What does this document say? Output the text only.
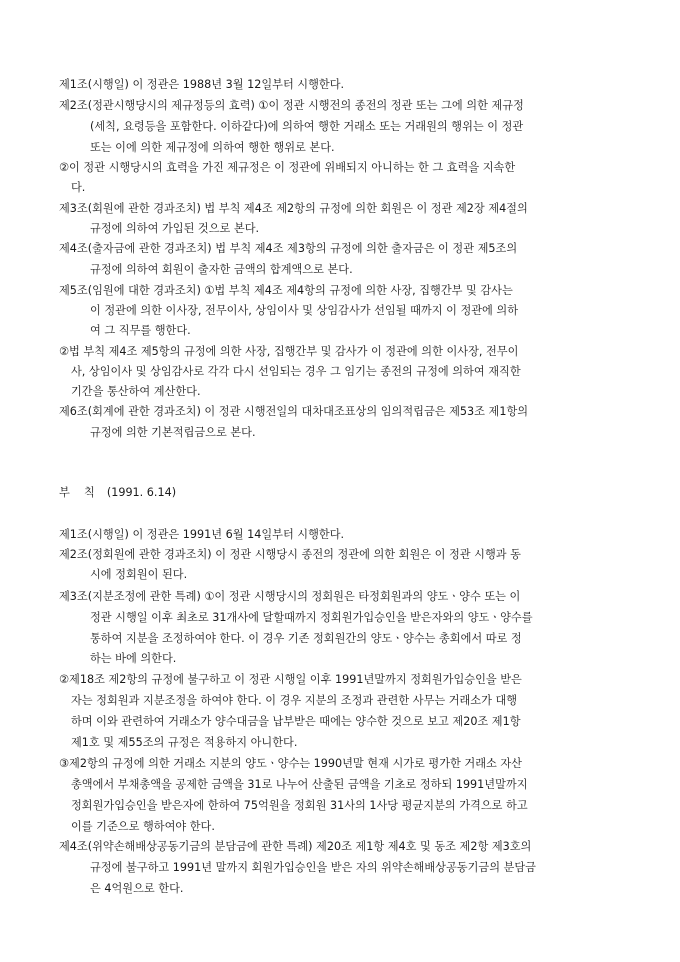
제1조(시행일) 이 정관은 1988년 3월 12일부터 시행한다.
제2조(정관시행당시의 제규정등의 효력) ①이 정관 시행전의 종전의 정관 또는 그에 의한 제규정
(세칙, 요령등을 포함한다. 이하같다)에 의하여 행한 거래소 또는 거래원의 행위는 이 정관
또는 이에 의한 제규정에 의하여 행한 행위로 본다.
②이 정관 시행당시의 효력을 가진 제규정은 이 정관에 위배되지 아니하는 한 그 효력을 지속한
다.
제3조(회원에 관한 경과조치) 법 부칙 제4조 제2항의 규정에 의한 회원은 이 정관 제2장 제4절의
규정에 의하여 가입된 것으로 본다.
제4조(출자금에 관한 경과조치) 법 부칙 제4조 제3항의 규정에 의한 출자금은 이 정관 제5조의
규정에 의하여 회원이 출자한 금액의 합계액으로 본다.
제5조(임원에 대한 경과조치) ①법 부칙 제4조 제4항의 규정에 의한 사장, 집행간부 및 감사는
이 정관에 의한 이사장, 전무이사, 상임이사 및 상임감사가 선임될 때까지 이 정관에 의하
여 그 직무를 행한다.
②법 부칙 제4조 제5항의 규정에 의한 사장, 집행간부 및 감사가 이 정관에 의한 이사장, 전무이
사, 상임이사 및 상임감사로 각각 다시 선임되는 경우 그 임기는 종전의 규정에 의하여 재직한
기간을 통산하여 계산한다.
제6조(회계에 관한 경과조치) 이 정관 시행전일의 대차대조표상의 임의적립금은 제53조 제1항의
규정에 의한 기본적립금으로 본다.
부    칙 (1991. 6.14)
제1조(시행일) 이 정관은 1991년 6월 14일부터 시행한다.
제2조(정회원에 관한 경과조치) 이 정관 시행당시 종전의 정관에 의한 회원은 이 정관 시행과 동
시에 정회원이 된다.
제3조(지분조정에 관한 특례) ①이 정관 시행당시의 정회원은 타정회원과의 양도ㆍ양수 또는 이
정관 시행일 이후 최초로 31개사에 달할때까지 정회원가입승인을 받은자와의 양도ㆍ양수를
통하여 지분을 조정하여야 한다. 이 경우 기존 정회원간의 양도ㆍ양수는 총회에서 따로 정
하는 바에 의한다.
②제18조 제2항의 규정에 불구하고 이 정관 시행일 이후 1991년말까지 정회원가입승인을 받은
자는 정회원과 지분조정을 하여야 한다. 이 경우 지분의 조정과 관련한 사무는 거래소가 대행
하며 이와 관련하여 거래소가 양수대금을 납부받은 때에는 양수한 것으로 보고 제20조 제1항
제1호 및 제55조의 규정은 적용하지 아니한다.
③제2항의 규정에 의한 거래소 지분의 양도ㆍ양수는 1990년말 현재 시가로 평가한 거래소 자산
총액에서 부채총액을 공제한 금액을 31로 나누어 산출된 금액을 기초로 정하되 1991년말까지
정회원가입승인을 받은자에 한하여 75억원을 정회원 31사의 1사당 평균지분의 가격으로 하고
이를 기준으로 행하여야 한다.
제4조(위약손해배상공동기금의 분담금에 관한 특례) 제20조 제1항 제4호 및 동조 제2항 제3호의
규정에 불구하고 1991년 말까지 회원가입승인을 받은 자의 위약손해배상공동기금의 분담금
은 4억원으로 한다.
